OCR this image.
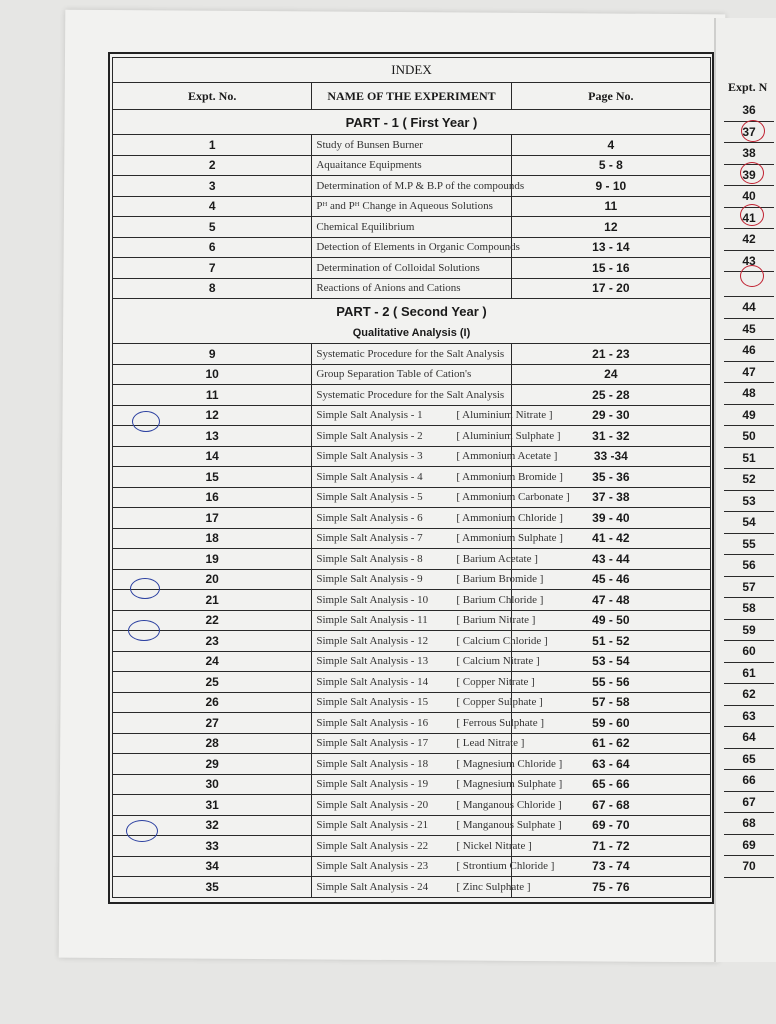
INDEX		
Expt. No.	NAME OF THE EXPERIMENT	Page No.
PART - 1 ( First Year )		
1	Study of Bunsen Burner	4
2	Aquaitance Equipments	5 - 8
3	Determination of M.P & B.P of the compounds	9 - 10
4	Pᴴ and Pᴴ Change in Aqueous Solutions	11
5	Chemical Equilibrium	12
6	Detection of Elements in Organic Compounds	13 - 14
7	Determination of Colloidal Solutions	15 - 16
8	Reactions of Anions and Cations	17 - 20
PART - 2 ( Second Year )		
Qualitative Analysis (I)		
9	Systematic Procedure for the Salt Analysis	21 - 23
10	Group Separation Table of Cation's	24
11	Systematic Procedure for the Salt Analysis	25 - 28
12	Simple Salt Analysis - 1 [ Aluminium Nitrate ]	29 - 30
13	Simple Salt Analysis - 2 [ Aluminium Sulphate ]	31 - 32
14	Simple Salt Analysis - 3 [ Ammonium Acetate ]	33 -34
15	Simple Salt Analysis - 4 [ Ammonium Bromide ]	35 - 36
16	Simple Salt Analysis - 5 [ Ammonium Carbonate ]	37 - 38
17	Simple Salt Analysis - 6 [ Ammonium Chloride ]	39 - 40
18	Simple Salt Analysis - 7 [ Ammonium Sulphate ]	41 - 42
19	Simple Salt Analysis - 8 [ Barium Acetate ]	43 - 44
20	Simple Salt Analysis - 9 [ Barium Bromide ]	45 - 46
21	Simple Salt Analysis - 10 [ Barium Chloride ]	47 - 48
22	Simple Salt Analysis - 11 [ Barium Nitrate ]	49 - 50
23	Simple Salt Analysis - 12 [ Calcium Chloride ]	51 - 52
24	Simple Salt Analysis - 13 [ Calcium Nitrate ]	53 - 54
25	Simple Salt Analysis - 14 [ Copper Nitrate ]	55 - 56
26	Simple Salt Analysis - 15 [ Copper Sulphate ]	57 - 58
27	Simple Salt Analysis - 16 [ Ferrous Sulphate ]	59 - 60
28	Simple Salt Analysis - 17 [ Lead Nitrate ]	61 - 62
29	Simple Salt Analysis - 18 [ Magnesium Chloride ]	63 - 64
30	Simple Salt Analysis - 19 [ Magnesium Sulphate ]	65 - 66
31	Simple Salt Analysis - 20 [ Manganous Chloride ]	67 - 68
32	Simple Salt Analysis - 21 [ Manganous Sulphate ]	69 - 70
33	Simple Salt Analysis - 22 [ Nickel Nitrate ]	71 - 72
34	Simple Salt Analysis - 23 [ Strontium Chloride ]	73 - 74
35	Simple Salt Analysis - 24 [ Zinc Sulphate ]	75 - 76
Expt. N
36
37
38
39
40
41
42
43

44
45
46
47
48
49
50
51
52
53
54
55
56
57
58
59
60
61
62
63
64
65
66
67
68
69
70
